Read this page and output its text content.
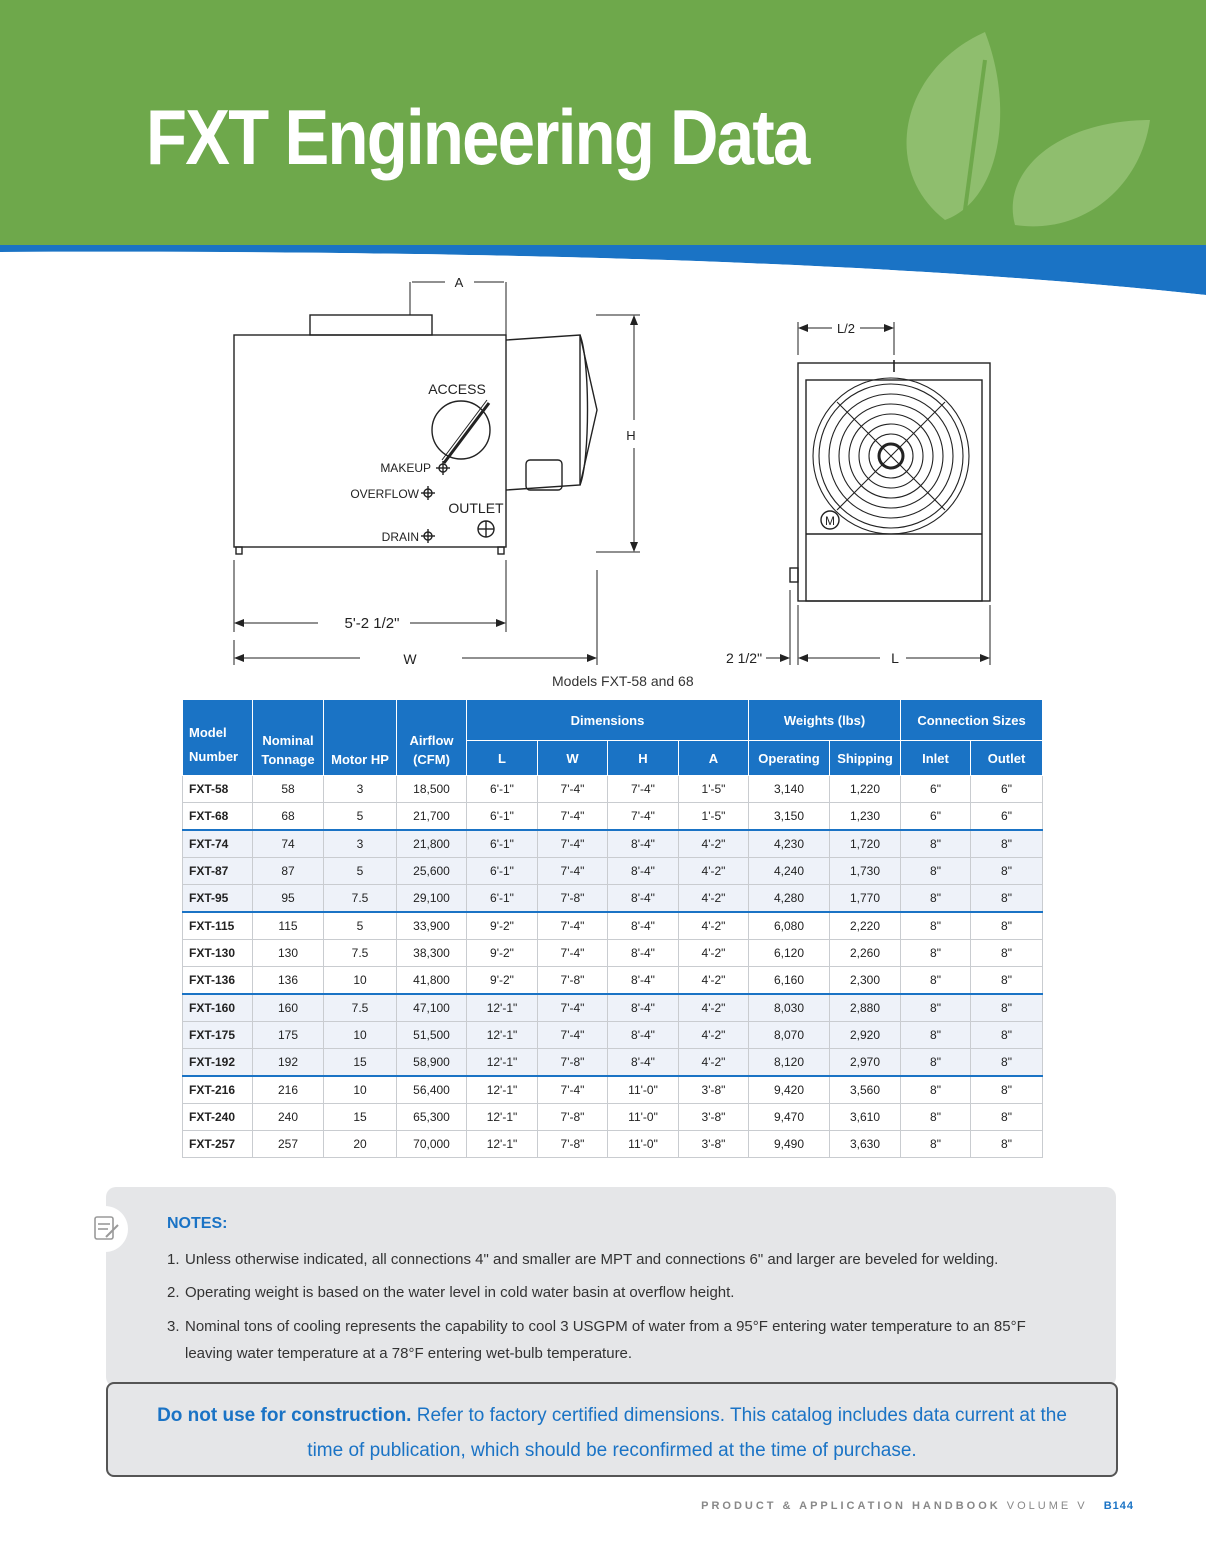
FXT Engineering Data
A
H
ACCESS
MAKEUP
OVERFLOW
OUTLET
DRAIN
5'-2 1/2"
W
L/2
M
2 1/2"	L
Models FXT-58 and 68
Model Number	Nominal Tonnage	Motor HP	Airflow (CFM)	Dimensions				Weights (lbs)		Connection Sizes	
				L	W	H	A	Operating	Shipping	Inlet	Outlet
FXT-58	58	3	18,500	6'-1"	7'-4"	7'-4"	1'-5"	3,140	1,220	6"	6"
FXT-68	68	5	21,700	6'-1"	7'-4"	7'-4"	1'-5"	3,150	1,230	6"	6"
FXT-74	74	3	21,800	6'-1"	7'-4"	8'-4"	4'-2"	4,230	1,720	8"	8"
FXT-87	87	5	25,600	6'-1"	7'-4"	8'-4"	4'-2"	4,240	1,730	8"	8"
FXT-95	95	7.5	29,100	6'-1"	7'-8"	8'-4"	4'-2"	4,280	1,770	8"	8"
FXT-115	115	5	33,900	9'-2"	7'-4"	8'-4"	4'-2"	6,080	2,220	8"	8"
FXT-130	130	7.5	38,300	9'-2"	7'-4"	8'-4"	4'-2"	6,120	2,260	8"	8"
FXT-136	136	10	41,800	9'-2"	7'-8"	8'-4"	4'-2"	6,160	2,300	8"	8"
FXT-160	160	7.5	47,100	12'-1"	7'-4"	8'-4"	4'-2"	8,030	2,880	8"	8"
FXT-175	175	10	51,500	12'-1"	7'-4"	8'-4"	4'-2"	8,070	2,920	8"	8"
FXT-192	192	15	58,900	12'-1"	7'-8"	8'-4"	4'-2"	8,120	2,970	8"	8"
FXT-216	216	10	56,400	12'-1"	7'-4"	11'-0"	3'-8"	9,420	3,560	8"	8"
FXT-240	240	15	65,300	12'-1"	7'-8"	11'-0"	3'-8"	9,470	3,610	8"	8"
FXT-257	257	20	70,000	12'-1"	7'-8"	11'-0"	3'-8"	9,490	3,630	8"	8"
NOTES:
1. Unless otherwise indicated, all connections 4" and smaller are MPT and connections 6" and larger are beveled for welding.
2. Operating weight is based on the water level in cold water basin at overflow height.
3. Nominal tons of cooling represents the capability to cool 3 USGPM of water from a 95°F entering water temperature to an 85°F leaving water temperature at a 78°F entering wet-bulb temperature.

Do not use for construction. Refer to factory certified dimensions. This catalog includes data current at the time of publication, which should be reconfirmed at the time of purchase.

PRODUCT & APPLICATION HANDBOOK VOLUME V B144
